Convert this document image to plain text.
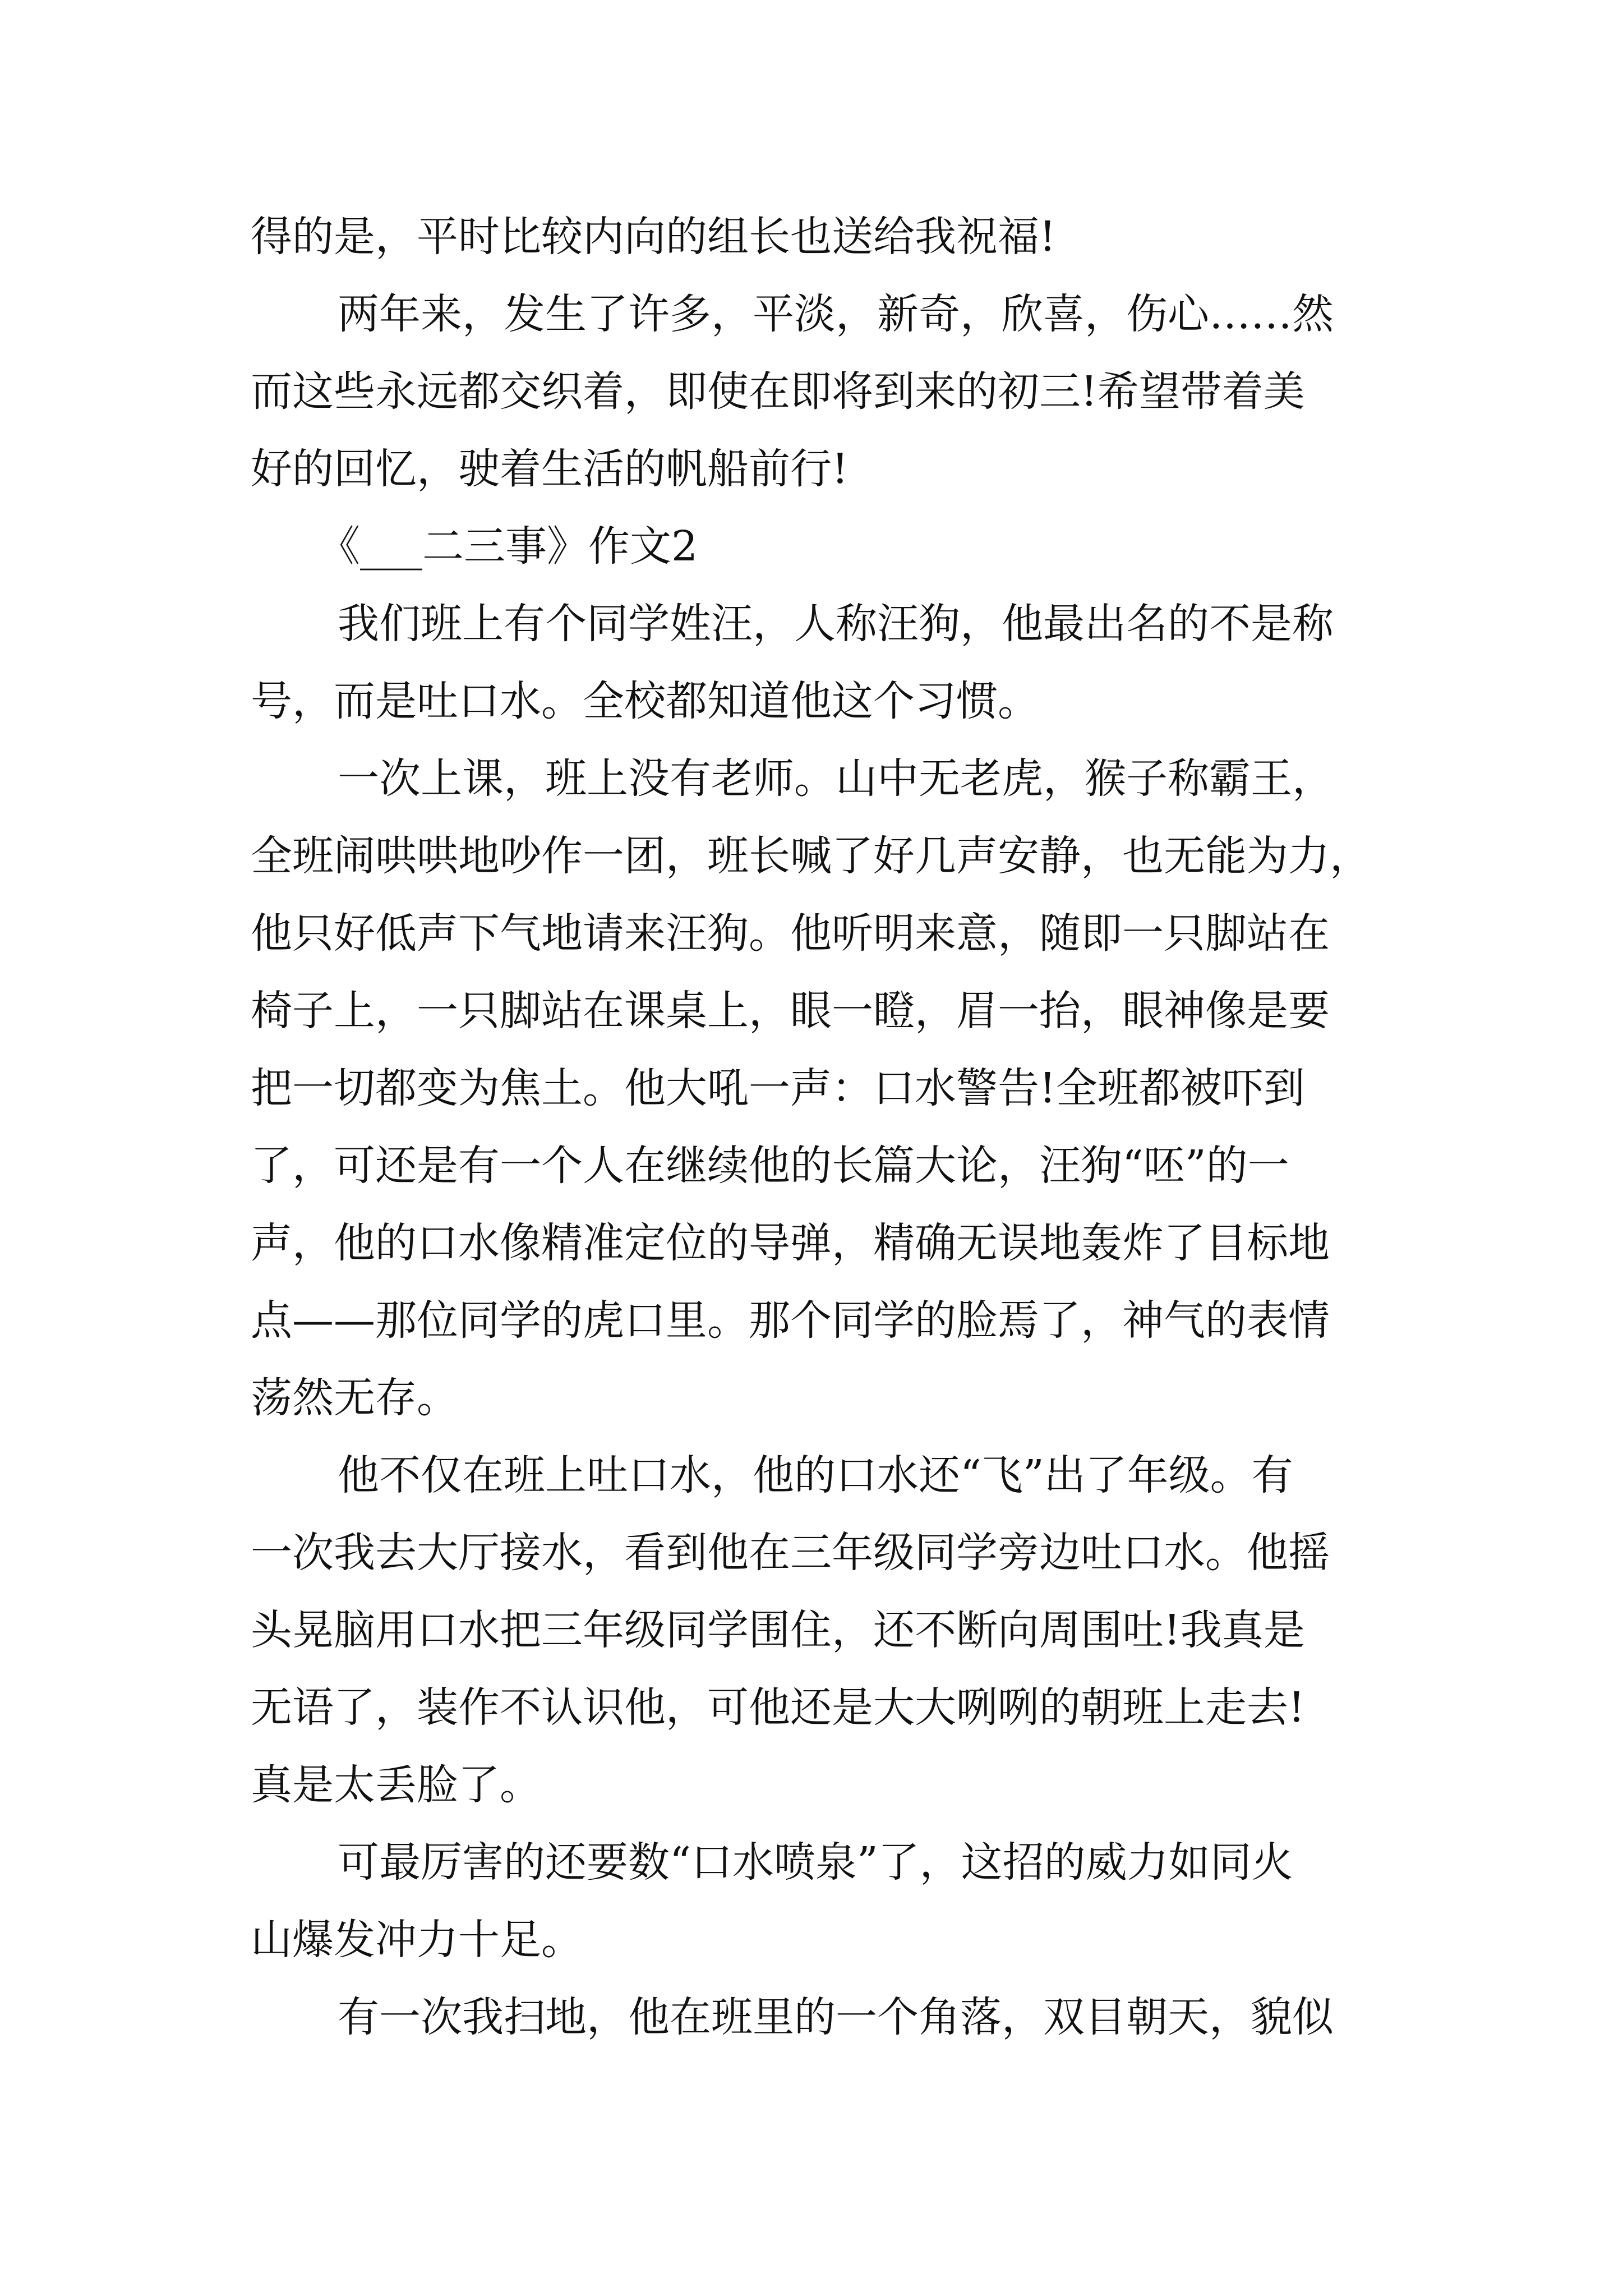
得的是，平时比较内向的组长也送给我祝福!
两年来，发生了许多，平淡，新奇，欣喜，伤心……然
而这些永远都交织着，即使在即将到来的初三!希望带着美
好的回忆，驶着生活的帆船前行!
《___二三事》作文2
我们班上有个同学姓汪，人称汪狗，他最出名的不是称
号，而是吐口水。全校都知道他这个习惯。
一次上课，班上没有老师。山中无老虎，猴子称霸王，
全班闹哄哄地吵作一团，班长喊了好几声安静，也无能为力，
他只好低声下气地请来汪狗。他听明来意，随即一只脚站在
椅子上，一只脚站在课桌上，眼一瞪，眉一抬，眼神像是要
把一切都变为焦土。他大吼一声：口水警告!全班都被吓到
了，可还是有一个人在继续他的长篇大论，汪狗“呸”的一
声，他的口水像精准定位的导弹，精确无误地轰炸了目标地
点——那位同学的虎口里。那个同学的脸焉了，神气的表情
荡然无存。
他不仅在班上吐口水，他的口水还“飞”出了年级。有
一次我去大厅接水，看到他在三年级同学旁边吐口水。他摇
头晃脑用口水把三年级同学围住，还不断向周围吐!我真是
无语了，装作不认识他，可他还是大大咧咧的朝班上走去!
真是太丢脸了。
可最厉害的还要数“口水喷泉”了，这招的威力如同火
山爆发冲力十足。
有一次我扫地，他在班里的一个角落，双目朝天，貌似
